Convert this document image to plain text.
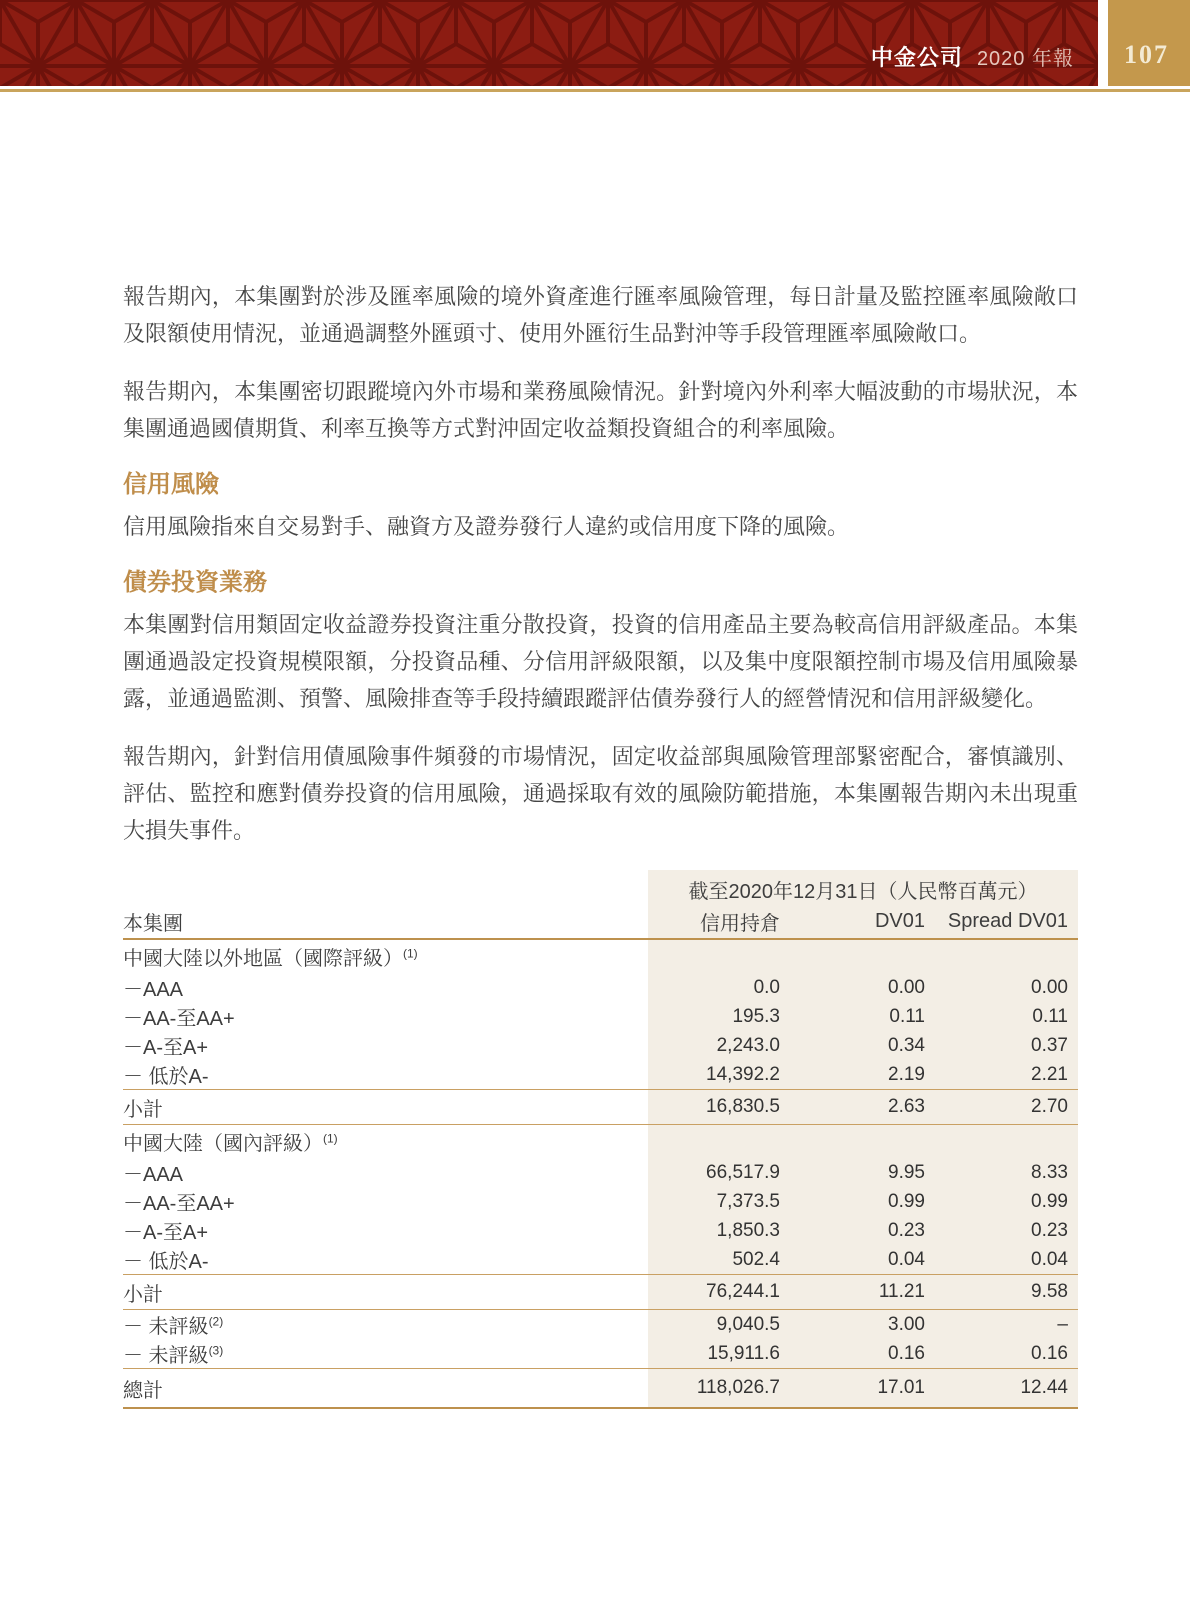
中金公司 2020 年報 107

報告期內，本集團對於涉及匯率風險的境外資產進行匯率風險管理，每日計量及監控匯率風險敞口及限額使用情況，並通過調整外匯頭寸、使用外匯衍生品對沖等手段管理匯率風險敞口。

報告期內，本集團密切跟蹤境內外市場和業務風險情況。針對境內外利率大幅波動的市場狀況，本集團通過國債期貨、利率互換等方式對沖固定收益類投資組合的利率風險。

信用風險

信用風險指來自交易對手、融資方及證券發行人違約或信用度下降的風險。

債券投資業務

本集團對信用類固定收益證券投資注重分散投資，投資的信用產品主要為較高信用評級產品。本集團通過設定投資規模限額，分投資品種、分信用評級限額，以及集中度限額控制市場及信用風險暴露，並通過監測、預警、風險排查等手段持續跟蹤評估債券發行人的經營情況和信用評級變化。

報告期內，針對信用債風險事件頻發的市場情況，固定收益部與風險管理部緊密配合，審慎識別、評估、監控和應對債券投資的信用風險，通過採取有效的風險防範措施，本集團報告期內未出現重大損失事件。

	截至2020年12月31日（人民幣百萬元）		
本集團	信用持倉	DV01	Spread DV01
中國大陸以外地區（國際評級）$^{(1)}$			
－AAA	0.0	0.00	0.00
－AA-至AA+	195.3	0.11	0.11
－A-至A+	2,243.0	0.34	0.37
－ 低於A-	14,392.2	2.19	2.21
小計	16,830.5	2.63	2.70
中國大陸（國內評級）$^{(1)}$			
－AAA	66,517.9	9.95	8.33
－AA-至AA+	7,373.5	0.99	0.99
－A-至A+	1,850.3	0.23	0.23
－ 低於A-	502.4	0.04	0.04
小計	76,244.1	11.21	9.58
－ 未評級$^{(2)}$	9,040.5	3.00	–
－ 未評級$^{(3)}$	15,911.6	0.16	0.16
總計	118,026.7	17.01	12.44
